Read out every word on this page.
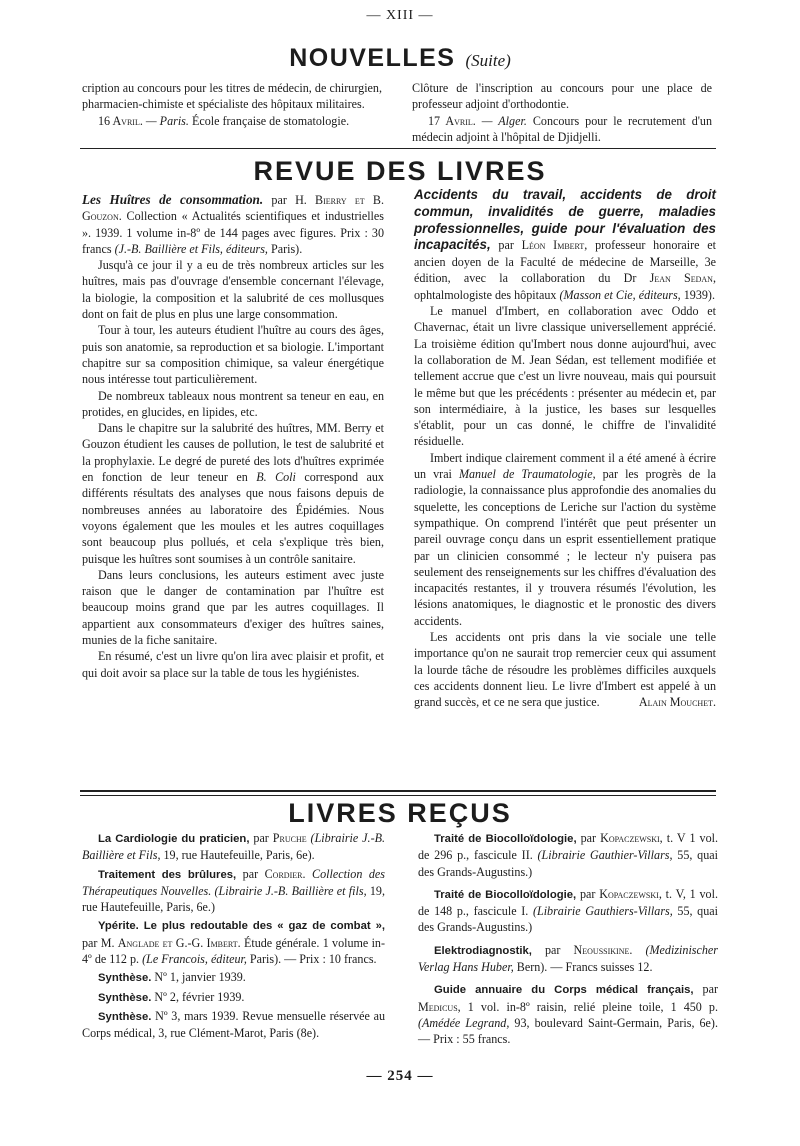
— XIII —
NOUVELLES (Suite)

cription au concours pour les titres de médecin, de chirurgien, pharmacien-chimiste et spécialiste des hôpitaux militaires.

16 Avril. — Paris. École française de stomatologie.

Clôture de l'inscription au concours pour une place de professeur adjoint d'orthodontie.

17 Avril. — Alger. Concours pour le recrutement d'un médecin adjoint à l'hôpital de Djidjelli.

REVUE DES LIVRES

Les Huîtres de consommation. par H. Bierry et B. Gouzon. Collection « Actualités scientifiques et industrielles ». 1939. 1 volume in-8º de 144 pages avec figures. Prix : 30 francs (J.-B. Baillière et Fils, éditeurs, Paris).

Jusqu'à ce jour il y a eu de très nombreux articles sur les huîtres, mais pas d'ouvrage d'ensemble concernant l'élevage, la biologie, la composition et la salubrité de ces mollusques dont on fait de plus en plus une large consommation.

Tour à tour, les auteurs étudient l'huître au cours des âges, puis son anatomie, sa reproduction et sa biologie. L'important chapitre sur sa composition chimique, sa valeur énergétique nous intéresse tout particulièrement.

De nombreux tableaux nous montrent sa teneur en eau, en protides, en glucides, en lipides, etc.

Dans le chapitre sur la salubrité des huîtres, MM. Berry et Gouzon étudient les causes de pollution, le test de salubrité et la prophylaxie. Le degré de pureté des lots d'huîtres exprimée en fonction de leur teneur en B. Coli correspond aux différents résultats des analyses que nous faisons depuis de nombreuses années au laboratoire des Épidémies. Nous voyons également que les moules et les autres coquillages sont beaucoup plus pollués, et cela s'explique très bien, puisque les huîtres sont soumises à un contrôle sanitaire.

Dans leurs conclusions, les auteurs estiment avec juste raison que le danger de contamination par l'huître est beaucoup moins grand que par les autres coquillages. Il appartient aux consommateurs d'exiger des huîtres saines, munies de la fiche sanitaire.

En résumé, c'est un livre qu'on lira avec plaisir et profit, et qui doit avoir sa place sur la table de tous les hygiénistes.

Accidents du travail, accidents de droit commun, invalidités de guerre, maladies professionnelles, guide pour l'évaluation des incapacités, par Léon Imbert, professeur honoraire et ancien doyen de la Faculté de médecine de Marseille, 3e édition, avec la collaboration du Dr Jean Sedan, ophtalmologiste des hôpitaux (Masson et Cie, éditeurs, 1939).

Le manuel d'Imbert, en collaboration avec Oddo et Chavernac, était un livre classique universellement apprécié. La troisième édition qu'Imbert nous donne aujourd'hui, avec la collaboration de M. Jean Sédan, est tellement modifiée et tellement accrue que c'est un livre nouveau, mais qui poursuit le même but que les précédents : présenter au médecin et, par son intermédiaire, à la justice, les bases sur lesquelles s'établit, pour un cas donné, le chiffre de l'invalidité résiduelle.

Imbert indique clairement comment il a été amené à écrire un vrai Manuel de Traumatologie, par les progrès de la radiologie, la connaissance plus approfondie des anomalies du squelette, les conceptions de Leriche sur l'action du système sympathique. On comprend l'intérêt que peut présenter un pareil ouvrage conçu dans un esprit essentiellement pratique par un clinicien consommé ; le lecteur n'y puisera pas seulement des renseignements sur les chiffres d'évaluation des incapacités restantes, il y trouvera résumés l'évolution, les lésions anatomiques, le diagnostic et le pronostic des divers accidents.

Les accidents ont pris dans la vie sociale une telle importance qu'on ne saurait trop remercier ceux qui assument la lourde tâche de résoudre les problèmes difficiles auxquels ces accidents donnent lieu. Le livre d'Imbert est appelé à un grand succès, et ce ne sera que justice.	Alain Mouchet.

LIVRES REÇUS

La Cardiologie du praticien, par Pruche (Librairie J.-B. Baillière et Fils, 19, rue Hautefeuille, Paris, 6e).

Traitement des brûlures, par Cordier. Collection des Thérapeutiques Nouvelles. (Librairie J.-B. Baillière et fils, 19, rue Hautefeuille, Paris, 6e.)

Ypérite. Le plus redoutable des « gaz de combat », par M. Anglade et G.-G. Imbert. Étude générale. 1 volume in-4º de 112 p. (Le Francois, éditeur, Paris). — Prix : 10 francs.

Synthèse. Nº 1, janvier 1939.

Synthèse. Nº 2, février 1939.

Synthèse. Nº 3, mars 1939. Revue mensuelle réservée au Corps médical, 3, rue Clément-Marot, Paris (8e).

Traité de Biocolloïdologie, par Kopaczewski, t. V 1 vol. de 296 p., fascicule II. (Librairie Gauthier-Villars, 55, quai des Grands-Augustins.)

Traité de Biocolloïdologie, par Kopaczewski, t. V, 1 vol. de 148 p., fascicule I. (Librairie Gauthiers-Villars, 55, quai des Grands-Augustins.)

Elektrodiagnostik, par Neoussikine. (Medizinischer Verlag Hans Huber, Bern). — Francs suisses 12.

Guide annuaire du Corps médical français, par Medicus, 1 vol. in-8º raisin, relié pleine toile, 1 450 p. (Amédée Legrand, 93, boulevard Saint-Germain, Paris, 6e). — Prix : 55 francs.

— 254 —
